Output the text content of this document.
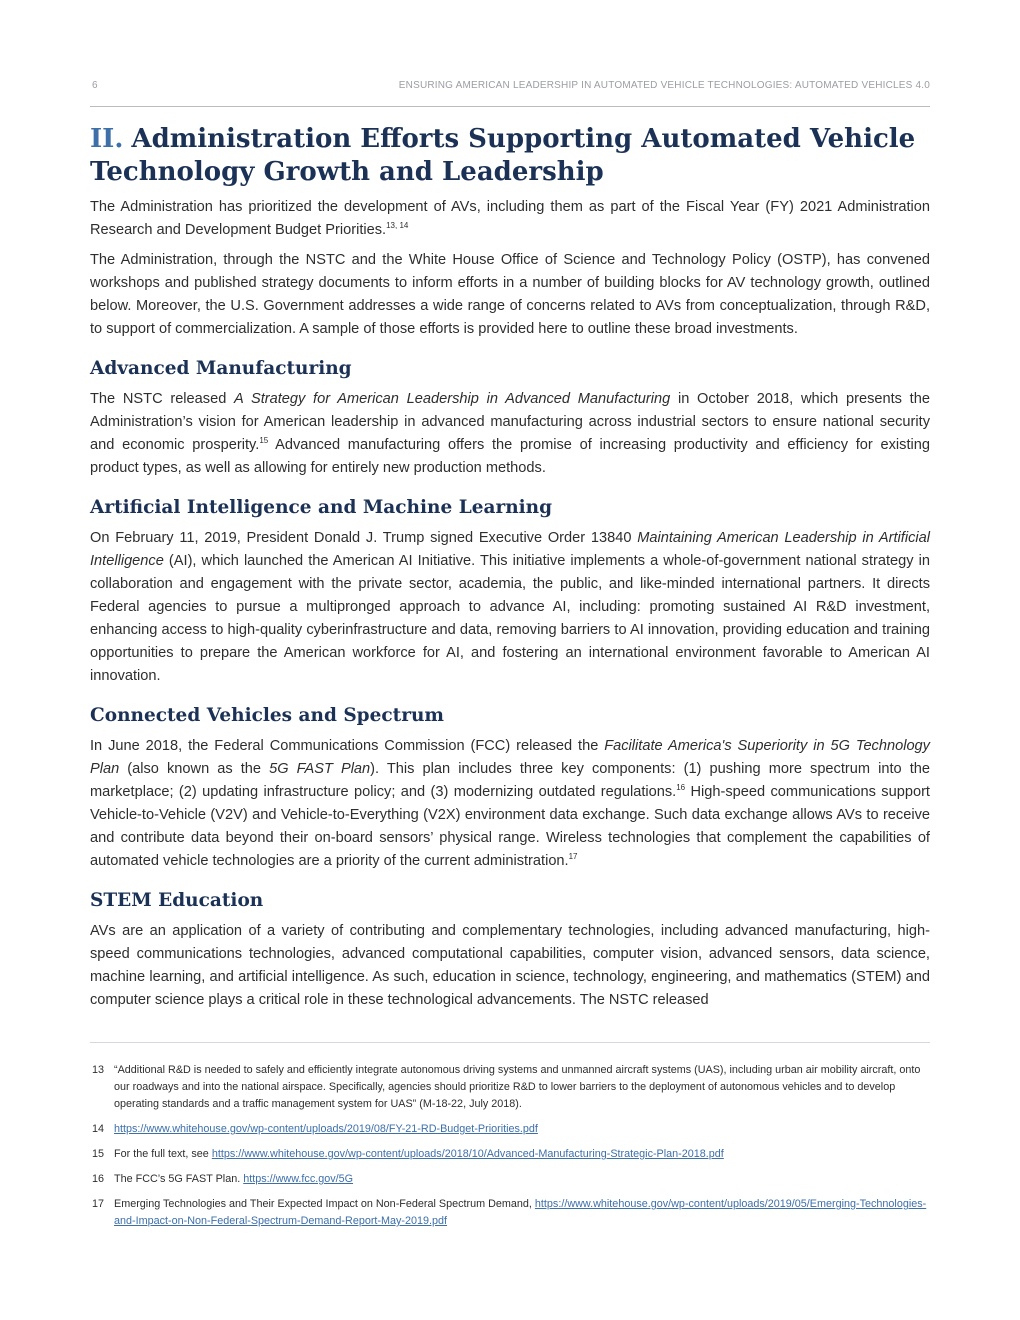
6	ENSURING AMERICAN LEADERSHIP IN AUTOMATED VEHICLE TECHNOLOGIES: AUTOMATED VEHICLES 4.0
II. Administration Efforts Supporting Automated Vehicle Technology Growth and Leadership

The Administration has prioritized the development of AVs, including them as part of the Fiscal Year (FY) 2021 Administration Research and Development Budget Priorities.$^{13, 14}$

The Administration, through the NSTC and the White House Office of Science and Technology Policy (OSTP), has convened workshops and published strategy documents to inform efforts in a number of building blocks for AV technology growth, outlined below. Moreover, the U.S. Government addresses a wide range of concerns related to AVs from conceptualization, through R&D, to support of commercialization. A sample of those efforts is provided here to outline these broad investments.

Advanced Manufacturing

The NSTC released A Strategy for American Leadership in Advanced Manufacturing in October 2018, which presents the Administration’s vision for American leadership in advanced manufacturing across industrial sectors to ensure national security and economic prosperity.$^{15}$ Advanced manufacturing offers the promise of increasing productivity and efficiency for existing product types, as well as allowing for entirely new production methods.

Artificial Intelligence and Machine Learning

On February 11, 2019, President Donald J. Trump signed Executive Order 13840 Maintaining American Leadership in Artificial Intelligence (AI), which launched the American AI Initiative. This initiative implements a whole-of-government national strategy in collaboration and engagement with the private sector, academia, the public, and like-minded international partners. It directs Federal agencies to pursue a multipronged approach to advance AI, including: promoting sustained AI R&D investment, enhancing access to high-quality cyberinfrastructure and data, removing barriers to AI innovation, providing education and training opportunities to prepare the American workforce for AI, and fostering an international environment favorable to American AI innovation.

Connected Vehicles and Spectrum

In June 2018, the Federal Communications Commission (FCC) released the Facilitate America's Superiority in 5G Technology Plan (also known as the 5G FAST Plan). This plan includes three key components: (1) pushing more spectrum into the marketplace; (2) updating infrastructure policy; and (3) modernizing outdated regulations.$^{16}$ High-speed communications support Vehicle-to-Vehicle (V2V) and Vehicle-to-Everything (V2X) environment data exchange. Such data exchange allows AVs to receive and contribute data beyond their on-board sensors’ physical range. Wireless technologies that complement the capabilities of automated vehicle technologies are a priority of the current administration.$^{17}$

STEM Education

AVs are an application of a variety of contributing and complementary technologies, including advanced manufacturing, high-speed communications technologies, advanced computational capabilities, computer vision, advanced sensors, data science, machine learning, and artificial intelligence. As such, education in science, technology, engineering, and mathematics (STEM) and computer science plays a critical role in these technological advancements. The NSTC released

13 “Additional R&D is needed to safely and efficiently integrate autonomous driving systems and unmanned aircraft systems (UAS), including urban air mobility aircraft, onto our roadways and into the national airspace. Specifically, agencies should prioritize R&D to lower barriers to the deployment of autonomous vehicles and to develop operating standards and a traffic management system for UAS” (M-18-22, July 2018).
14 https://www.whitehouse.gov/wp-content/uploads/2019/08/FY-21-RD-Budget-Priorities.pdf
15 For the full text, see https://www.whitehouse.gov/wp-content/uploads/2018/10/Advanced-Manufacturing-Strategic-Plan-2018.pdf
16 The FCC’s 5G FAST Plan. https://www.fcc.gov/5G
17 Emerging Technologies and Their Expected Impact on Non-Federal Spectrum Demand, https://www.whitehouse.gov/wp-content/uploads/2019/05/Emerging-Technologies-and-Impact-on-Non-Federal-Spectrum-Demand-Report-May-2019.pdf
